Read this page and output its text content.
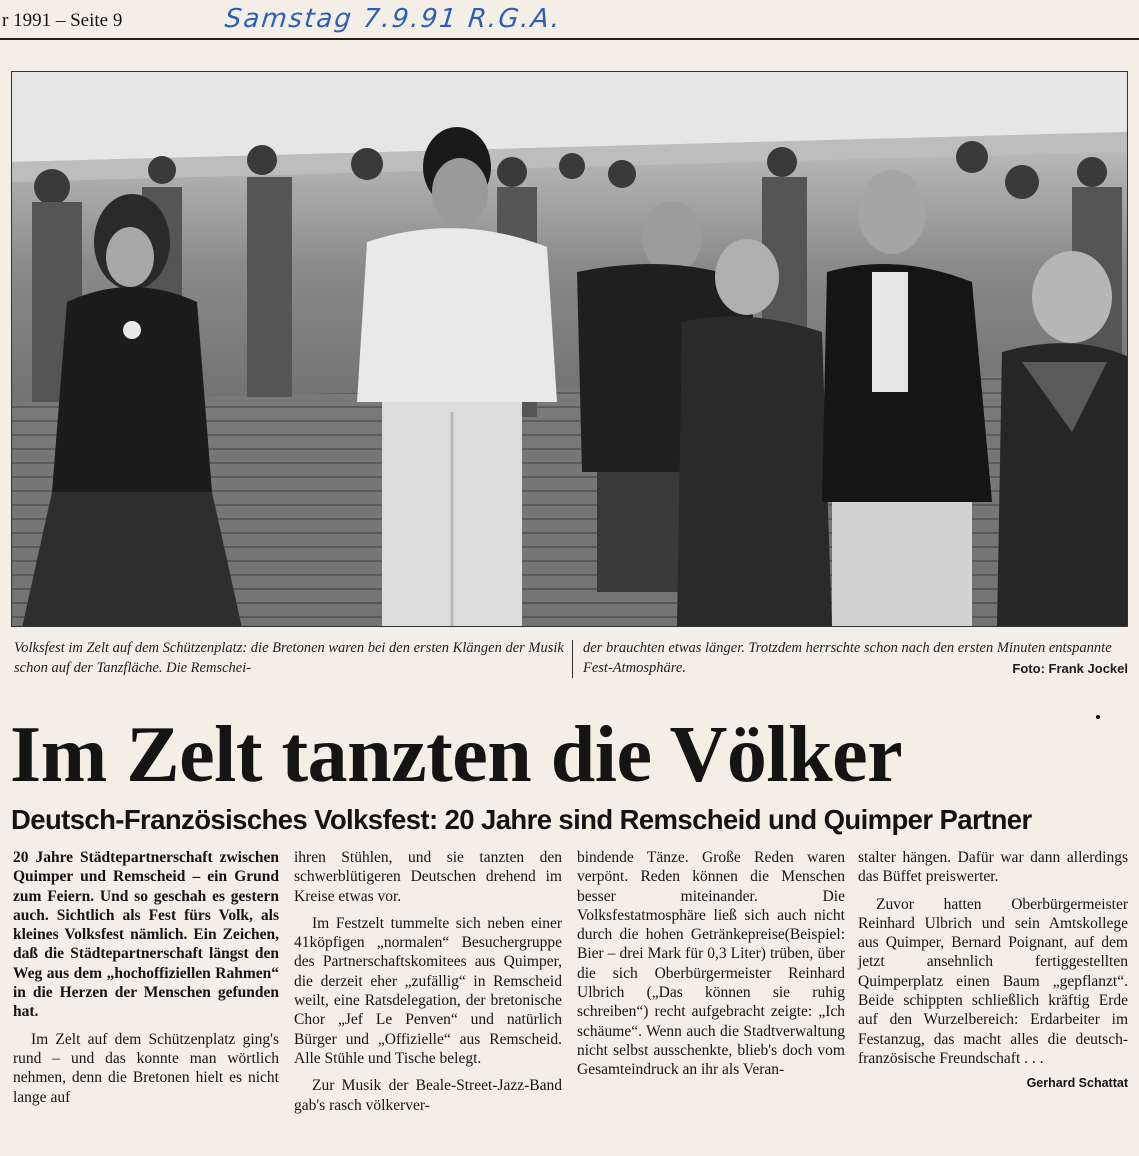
r 1991 – Seite 9	Samstag 7.9.91 R.G.A.
Volksfest im Zelt auf dem Schützenplatz: die Bretonen waren bei den ersten Klängen der Musik schon auf der Tanzfläche. Die Remschei-
der brauchten etwas länger. Trotzdem herrschte schon nach den ersten Minuten entspannte Fest-Atmosphäre.	Foto: Frank Jockel
Im Zelt tanzten die Völker
Deutsch-Französisches Volksfest: 20 Jahre sind Remscheid und Quimper Partner

20 Jahre Städtepartnerschaft zwischen Quimper und Remscheid – ein Grund zum Feiern. Und so geschah es gestern auch. Sichtlich als Fest fürs Volk, als kleines Volksfest nämlich. Ein Zeichen, daß die Städtepartnerschaft längst den Weg aus dem „hochoffiziellen Rahmen“ in die Herzen der Menschen gefunden hat.

Im Zelt auf dem Schützenplatz ging's rund – und das konnte man wörtlich nehmen, denn die Bretonen hielt es nicht lange auf

ihren Stühlen, und sie tanzten den schwerblütigeren Deutschen drehend im Kreise etwas vor.

Im Festzelt tummelte sich neben einer 41köpfigen „normalen“ Besuchergruppe des Partnerschaftskomitees aus Quimper, die derzeit eher „zufällig“ in Remscheid weilt, eine Ratsdelegation, der bretonische Chor „Jef Le Penven“ und natürlich Bürger und „Offizielle“ aus Remscheid. Alle Stühle und Tische belegt.

Zur Musik der Beale-Street-Jazz-Band gab's rasch völkerver-

bindende Tänze. Große Reden waren verpönt. Reden können die Menschen besser miteinander. Die Volksfestatmosphäre ließ sich auch nicht durch die hohen Getränkepreise(Beispiel: Bier – drei Mark für 0,3 Liter) trüben, über die sich Oberbürgermeister Reinhard Ulbrich („Das können sie ruhig schreiben“) recht aufgebracht zeigte: „Ich schäume“. Wenn auch die Stadtverwaltung nicht selbst ausschenkte, blieb's doch vom Gesamteindruck an ihr als Veran-

stalter hängen. Dafür war dann allerdings das Büffet preiswerter.

Zuvor hatten Oberbürgermeister Reinhard Ulbrich und sein Amtskollege aus Quimper, Bernard Poignant, auf dem jetzt ansehnlich fertiggestellten Quimperplatz einen Baum „gepflanzt“. Beide schippten schließlich kräftig Erde auf den Wurzelbereich: Erdarbeiter im Festanzug, das macht alles die deutsch-französische Freundschaft . . .

Gerhard Schattat
